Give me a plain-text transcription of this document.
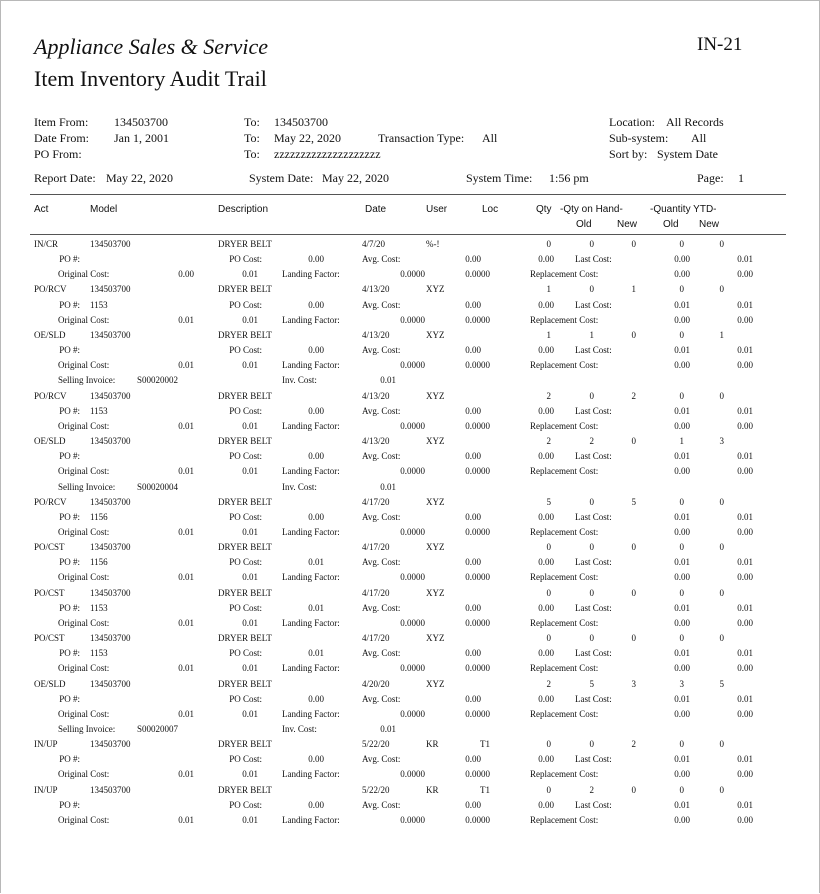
Appliance Sales & Service
Item Inventory Audit Trail
IN-21
Item From: 134503700
Date From: Jan 1, 2001
PO From:
To: 134503700
To: May 22, 2020
To: zzzzzzzzzzzzzzzzzzzz
Transaction Type: All
Location: All Records
Sub-system: All
Sort by: System Date
Report Date: May 22, 2020	System Date: May 22, 2020	System Time: 1:56 pm	Page: 1
Act	Model	Description	Date	User	Loc	Qty -Qty on Hand-	-Quantity YTD-
Old	New	Old New
IN/CR	134503700	DRYER BELT	4/7/20	%-!	0	0	0	0	0
PO #:	PO Cost:	0.00	Avg. Cost:	0.00	0.00 Last Cost:	0.00	0.01
Original Cost:	0.00	0.01	Landing Factor:	0.0000	0.0000	Replacement Cost:	0.00	0.00
PO/RCV	134503700	DRYER BELT	4/13/20	XYZ	1	0	1	0	0
PO #: 1153	PO Cost:	0.00	Avg. Cost:	0.00	0.00 Last Cost:	0.01	0.01
Original Cost:	0.01	0.01	Landing Factor:	0.0000	0.0000	Replacement Cost:	0.00	0.00
OE/SLD	134503700	DRYER BELT	4/13/20	XYZ	1	1	0	0	1
PO #:	PO Cost:	0.00	Avg. Cost:	0.00	0.00 Last Cost:	0.01	0.01
Original Cost:	0.01	0.01	Landing Factor:	0.0000	0.0000	Replacement Cost:	0.00	0.00
Selling Invoice: S00020002	Inv. Cost:	0.01
PO/RCV	134503700	DRYER BELT	4/13/20	XYZ	2	0	2	0	0
PO #: 1153	PO Cost:	0.00	Avg. Cost:	0.00	0.00 Last Cost:	0.01	0.01
Original Cost:	0.01	0.01	Landing Factor:	0.0000	0.0000	Replacement Cost:	0.00	0.00
OE/SLD	134503700	DRYER BELT	4/13/20	XYZ	2	2	0	1	3
PO #:	PO Cost:	0.00	Avg. Cost:	0.00	0.00 Last Cost:	0.01	0.01
Original Cost:	0.01	0.01	Landing Factor:	0.0000	0.0000	Replacement Cost:	0.00	0.00
Selling Invoice: S00020004	Inv. Cost:	0.01
PO/RCV	134503700	DRYER BELT	4/17/20	XYZ	5	0	5	0	0
PO #: 1156	PO Cost:	0.00	Avg. Cost:	0.00	0.00 Last Cost:	0.01	0.01
Original Cost:	0.01	0.01	Landing Factor:	0.0000	0.0000	Replacement Cost:	0.00	0.00
PO/CST	134503700	DRYER BELT	4/17/20	XYZ	0	0	0	0	0
PO #: 1156	PO Cost:	0.01	Avg. Cost:	0.00	0.00 Last Cost:	0.01	0.01
Original Cost:	0.01	0.01	Landing Factor:	0.0000	0.0000	Replacement Cost:	0.00	0.00
PO/CST	134503700	DRYER BELT	4/17/20	XYZ	0	0	0	0	0
PO #: 1153	PO Cost:	0.01	Avg. Cost:	0.00	0.00 Last Cost:	0.01	0.01
Original Cost:	0.01	0.01	Landing Factor:	0.0000	0.0000	Replacement Cost:	0.00	0.00
PO/CST	134503700	DRYER BELT	4/17/20	XYZ	0	0	0	0	0
PO #: 1153	PO Cost:	0.01	Avg. Cost:	0.00	0.00 Last Cost:	0.01	0.01
Original Cost:	0.01	0.01	Landing Factor:	0.0000	0.0000	Replacement Cost:	0.00	0.00
OE/SLD	134503700	DRYER BELT	4/20/20	XYZ	2	5	3	3	5
PO #:	PO Cost:	0.00	Avg. Cost:	0.00	0.00 Last Cost:	0.01	0.01
Original Cost:	0.01	0.01	Landing Factor:	0.0000	0.0000	Replacement Cost:	0.00	0.00
Selling Invoice: S00020007	Inv. Cost:	0.01
IN/UP	134503700	DRYER BELT	5/22/20	KR	T1	0	0	2	0	0
PO #:	PO Cost:	0.00	Avg. Cost:	0.00	0.00 Last Cost:	0.01	0.01
Original Cost:	0.01	0.01	Landing Factor:	0.0000	0.0000	Replacement Cost:	0.00	0.00
IN/UP	134503700	DRYER BELT	5/22/20	KR	T1	0	2	0	0	0
PO #:	PO Cost:	0.00	Avg. Cost:	0.00	0.00 Last Cost:	0.01	0.01
Original Cost:	0.01	0.01	Landing Factor:	0.0000	0.0000	Replacement Cost:	0.00	0.00
